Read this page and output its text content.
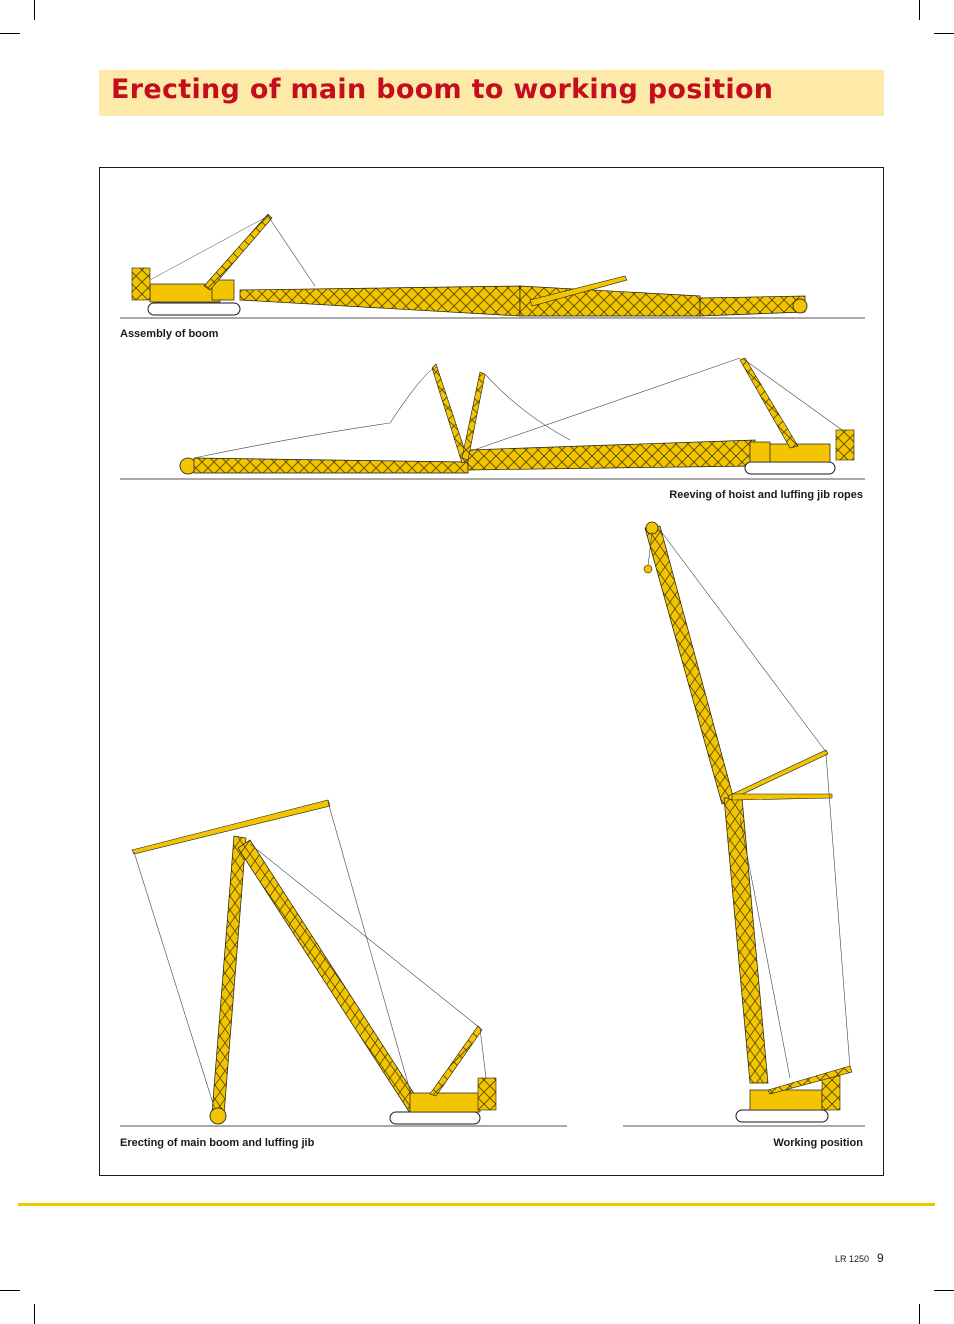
Erecting of main boom to working position
Assembly of boom
Reeving of hoist and luffing jib ropes
Erecting of main boom and luffing jib	Working position
LR 1250 9
